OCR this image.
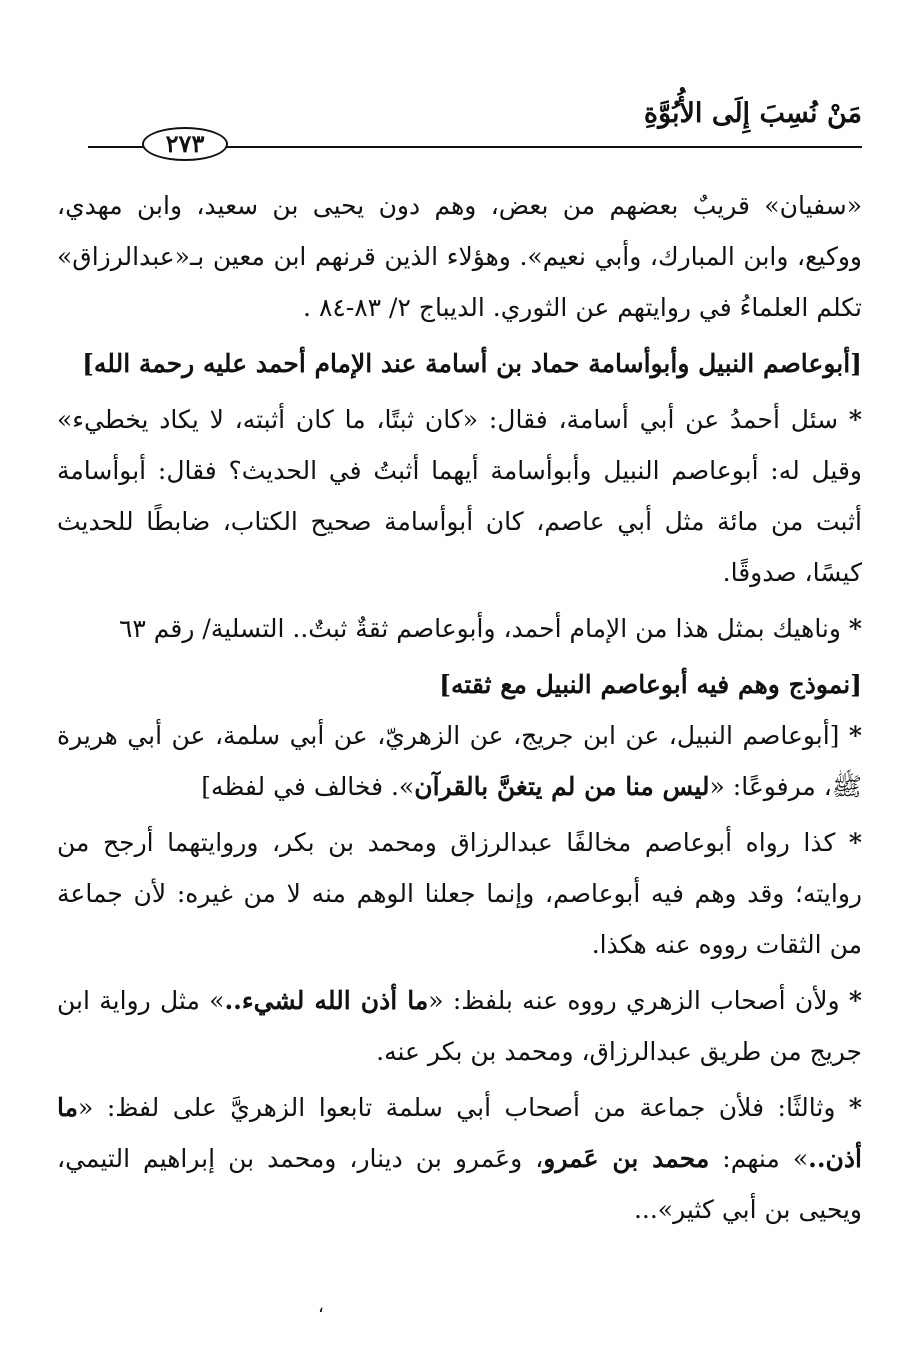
مَنْ نُسِبَ إِلَى الأُبُوَّةِ
٢٧٣

«سفيان» قريبٌ بعضهم من بعض، وهم دون يحيى بن سعيد، وابن مهدي، ووكيع، وابن المبارك، وأبي نعيم». وهؤلاء الذين قرنهم ابن معين بـ«عبدالرزاق» تكلم العلماءُ في روايتهم عن الثوري. الديباج ٢/ ٨٣-٨٤ .

[أبوعاصم النبيل وأبوأسامة حماد بن أسامة عند الإمام أحمد عليه رحمة الله]

* سئل أحمدُ عن أبي أسامة، فقال: «كان ثبتًا، ما كان أثبته، لا يكاد يخطيء» وقيل له: أبوعاصم النبيل وأبوأسامة أيهما أثبتُ في الحديث؟ فقال: أبوأسامة أثبت من مائة مثل أبي عاصم، كان أبوأسامة صحيح الكتاب، ضابطًا للحديث كيسًا، صدوقًا.

* وناهيك بمثل هذا من الإمام أحمد، وأبوعاصم ثقةٌ ثبتٌ.. التسلية/ رقم ٦٣

[نموذج وهم فيه أبوعاصم النبيل مع ثقته]

* [أبوعاصم النبيل، عن ابن جريج، عن الزهريّ، عن أبي سلمة، عن أبي هريرة ﷺ، مرفوعًا: «ليس منا من لم يتغنَّ بالقرآن». فخالف في لفظه]

* كذا رواه أبوعاصم مخالفًا عبدالرزاق ومحمد بن بكر، وروايتهما أرجح من روايته؛ وقد وهم فيه أبوعاصم، وإنما جعلنا الوهم منه لا من غيره: لأن جماعة من الثقات رووه عنه هكذا.

* ولأن أصحاب الزهري رووه عنه بلفظ: «ما أذن الله لشيء..» مثل رواية ابن جريج من طريق عبدالرزاق، ومحمد بن بكر عنه.

* وثالثًا: فلأن جماعة من أصحاب أبي سلمة تابعوا الزهريَّ على لفظ: «ما أذن..» منهم: محمد بن عَمرو، وعَمرو بن دينار، ومحمد بن إبراهيم التيمي، ويحيى بن أبي كثير»...

،
